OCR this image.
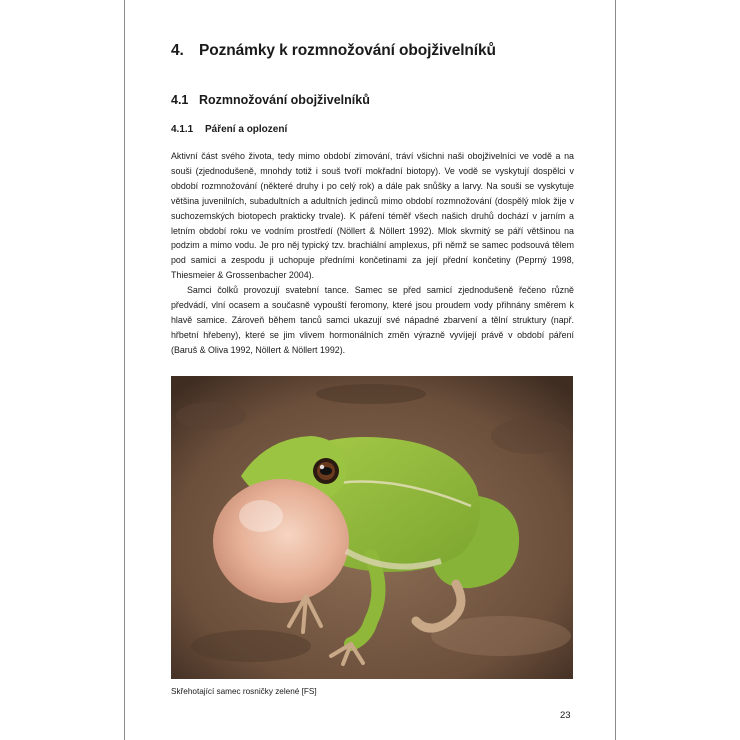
4. Poznámky k rozmnožování obojživelníků
4.1 Rozmnožování obojživelníků
4.1.1 Páření a oplození

Aktivní část svého života, tedy mimo období zimování, tráví všichni naši obojživelníci ve vodě a na souši (zjednodušeně, mnohdy totiž i souš tvoří mokřadní biotopy). Ve vodě se vyskytují dospělci v období rozmnožování (některé druhy i po celý rok) a dále pak snůšky a larvy. Na souši se vyskytuje většina juvenilních, subadultních a adultních jedinců mimo období rozmnožování (dospělý mlok žije v suchozemských biotopech prakticky trvale). K páření téměř všech našich druhů dochází v jarním a letním období roku ve vodním prostředí (Nöllert & Nöllert 1992). Mlok skvrnitý se páří většinou na podzim a mimo vodu. Je pro něj typický tzv. brachiální amplexus, při němž se samec podsouvá tělem pod samici a zespodu ji uchopuje předními končetinami za její přední končetiny (Peprný 1998, Thiesmeier & Grossenbacher 2004).

Samci čolků provozují svatební tance. Samec se před samicí zjednodušeně řečeno různě předvádí, vlní ocasem a současně vypouští feromony, které jsou proudem vody přihnány směrem k hlavě samice. Zároveň během tanců samci ukazují své nápadné zbarvení a tělní struktury (např. hřbetní hřebeny), které se jim vlivem hormonálních změn výrazně vyvíjejí právě v období páření (Baruš & Oliva 1992, Nöllert & Nöllert 1992).

Skřehotající samec rosničky zelené [FS]

23
